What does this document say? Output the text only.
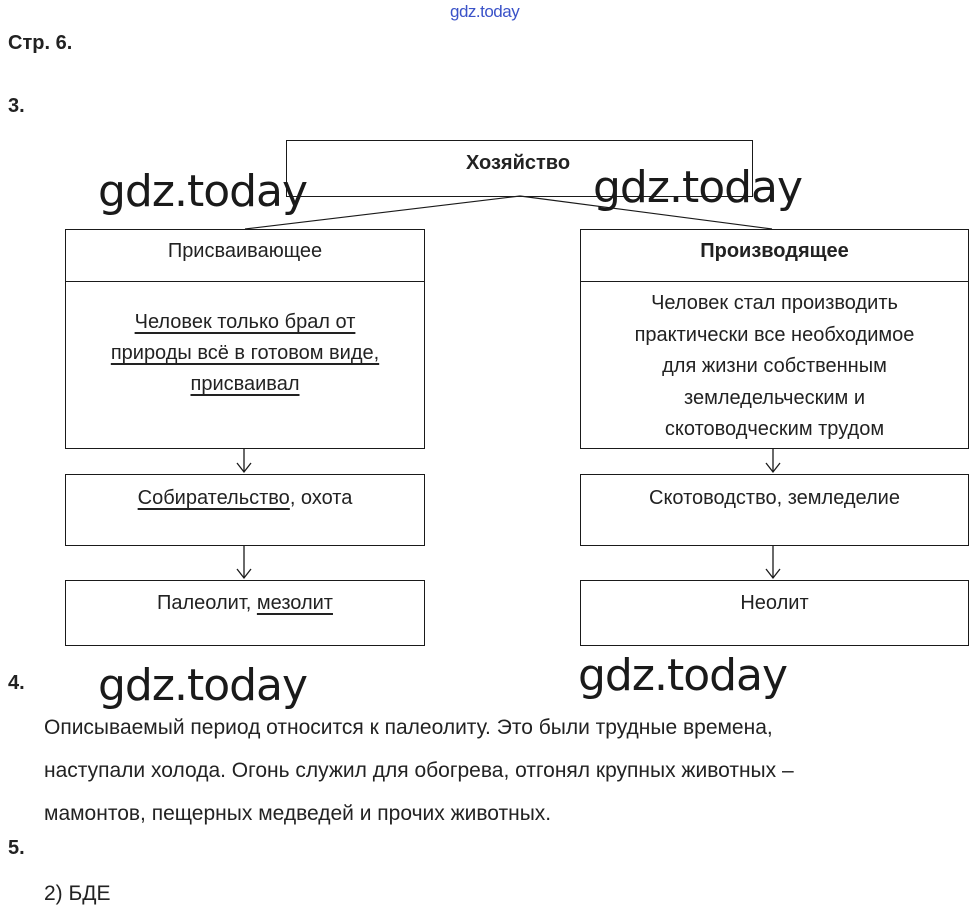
gdz.today
Стр. 6.
3.
Хозяйство
Присваивающее
Человек только брал от
природы всё в готовом виде,
присваивал
Собирательство, охота
Палеолит, мезолит
Производящее
Человек стал производить
практически все необходимое
для жизни собственным
земледельческим и
скотоводческим трудом
Скотоводство, земледелие
Неолит
gdz.today	gdz.today
gdz.today	gdz.today
4.
Описываемый период относится к палеолиту. Это были трудные времена,
наступали холода. Огонь служил для обогрева, отгонял крупных животных –
мамонтов, пещерных медведей и прочих животных.
5.
2) БДЕ
